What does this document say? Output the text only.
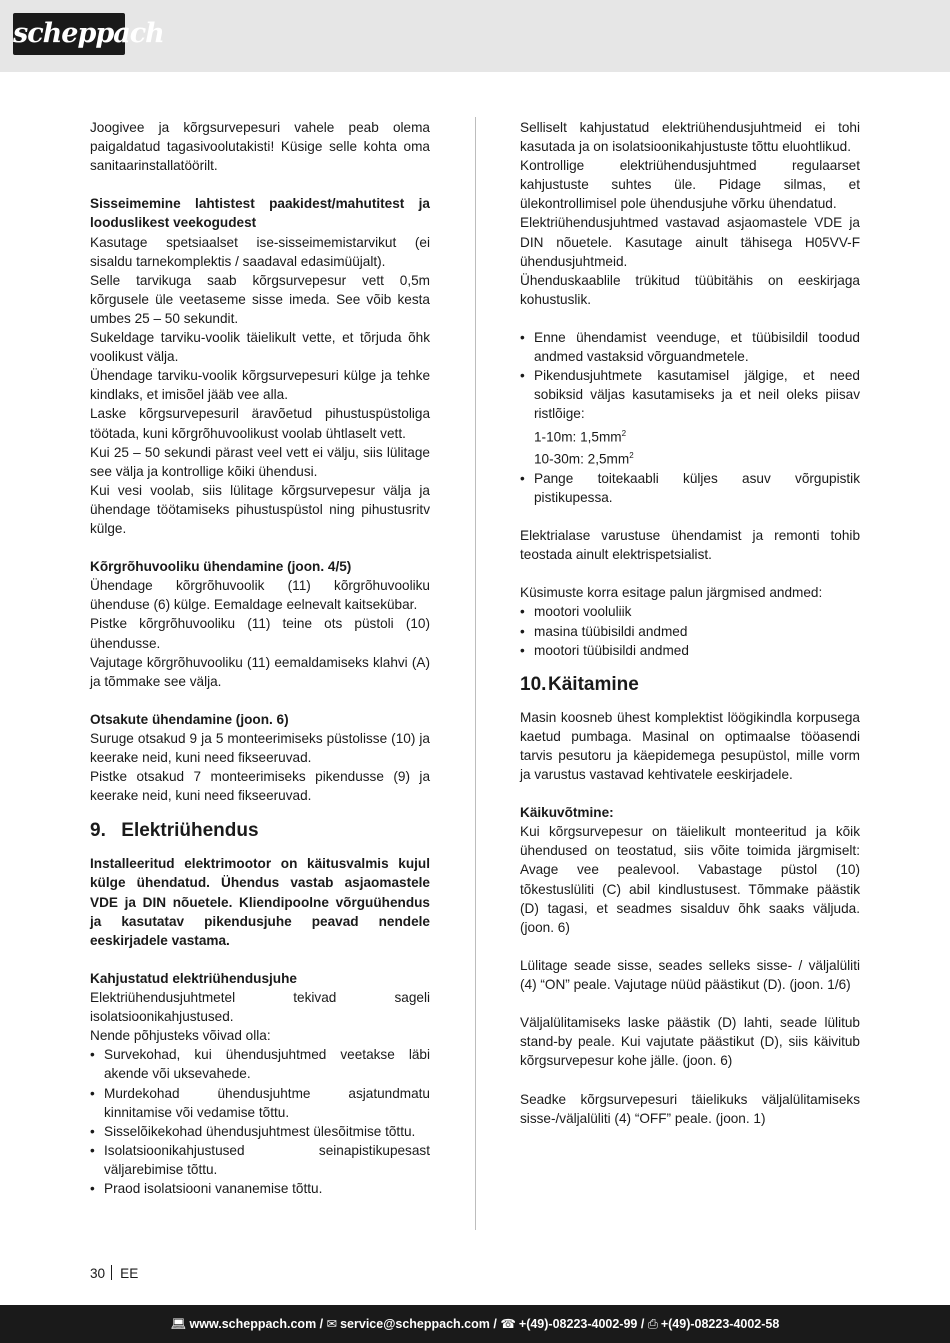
scheppach
Joogivee ja kõrgsurvepesuri vahele peab olema paigaldatud tagasivoolutakisti! Küsige selle kohta oma sanitaarinstallatöörilt.
Sisseimemine lahtistest paakidest/mahutitest ja looduslikest veekogudest
Kasutage spetsiaalset ise-sisseimemistarvikut (ei sisaldu tarnekomplektis / saadaval edasimüüjalt).
Selle tarvikuga saab kõrgsurvepesur vett 0,5m kõrgusele üle veetaseme sisse imeda. See võib kesta umbes 25 – 50 sekundit.
Sukeldage tarviku-voolik täielikult vette, et tõrjuda õhk voolikust välja.
Ühendage tarviku-voolik kõrgsurvepesuri külge ja tehke kindlaks, et imisõel jääb vee alla.
Laske kõrgsurvepesuril äravõetud pihustuspüstoliga töötada, kuni kõrgrõhuvoolikust voolab ühtlaselt vett.
Kui 25 – 50 sekundi pärast veel vett ei välju, siis lülitage see välja ja kontrollige kõiki ühendusi.
Kui vesi voolab, siis lülitage kõrgsurvepesur välja ja ühendage töötamiseks pihustuspüstol ning pihustusritv külge.
Kõrgrõhuvooliku ühendamine (joon. 4/5)
Ühendage kõrgrõhuvoolik (11) kõrgrõhuvooliku ühenduse (6) külge. Eemaldage eelnevalt kaitsekübar.
Pistke kõrgrõhuvooliku (11) teine ots püstoli (10) ühendusse.
Vajutage kõrgrõhuvooliku (11) eemaldamiseks klahvi (A) ja tõmmake see välja.
Otsakute ühendamine (joon. 6)
Suruge otsakud 9 ja 5 monteerimiseks püstolisse (10) ja keerake neid, kuni need fikseeruvad.
Pistke otsakud 7 monteerimiseks pikendusse (9) ja keerake neid, kuni need fikseeruvad.
9. Elektriühendus
Installeeritud elektrimootor on käitusvalmis kujul külge ühendatud. Ühendus vastab asjaomastele VDE ja DIN nõuetele. Kliendipoolne võrguühendus ja kasutatav pikendusjuhe peavad nendele eeskirjadele vastama.
Kahjustatud elektriühendusjuhe
Elektriühendusjuhtmetel tekivad sageli isolatsioonikahjustused.
Nende põhjusteks võivad olla:
• Survekohad, kui ühendusjuhtmed veetakse läbi akende või uksevahede.
• Murdekohad ühendusjuhtme asjatundmatu kinnitamise või vedamise tõttu.
• Sisselõikekohad ühendusjuhtmest ülesõitmise tõttu.
• Isolatsioonikahjustused seinapistikupesast väljarebimise tõttu.
• Praod isolatsiooni vananemise tõttu.
Selliselt kahjustatud elektriühendusjuhtmeid ei tohi kasutada ja on isolatsioonikahjustuste tõttu eluohtlikud.
Kontrollige elektriühendusjuhtmed regulaarset kahjustuste suhtes üle. Pidage silmas, et ülekontrollimisel pole ühendusjuhe võrku ühendatud.
Elektriühendusjuhtmed vastavad asjaomastele VDE ja DIN nõuetele. Kasutage ainult tähisega H05VV-F ühendusjuhtmeid.
Ühenduskaablile trükitud tüübitähis on eeskirjaga kohustuslik.
• Enne ühendamist veenduge, et tüübisildil toodud andmed vastaksid võrguandmetele.
• Pikendusjuhtmete kasutamisel jälgige, et need sobiksid väljas kasutamiseks ja et neil oleks piisav ristlõige:
1-10m: $1,5mm^2$
10-30m: $2,5mm^2$
• Pange toitekaabli küljes asuv võrgupistik pistikupessa.
Elektrialase varustuse ühendamist ja remonti tohib teostada ainult elektrispetsialist.
Küsimuste korra esitage palun järgmised andmed:
• mootori vooluliik
• masina tüübisildi andmed
• mootori tüübisildi andmed
10.Käitamine
Masin koosneb ühest komplektist löögikindla korpusega kaetud pumbaga. Masinal on optimaalse tööasendi tarvis pesutoru ja käepidemega pesupüstol, mille vorm ja varustus vastavad kehtivatele eeskirjadele.
Käikuvõtmine:
Kui kõrgsurvepesur on täielikult monteeritud ja kõik ühendused on teostatud, siis võite toimida järgmiselt: Avage vee pealevool. Vabastage püstol (10) tõkestuslüliti (C) abil kindlustusest. Tõmmake päästik (D) tagasi, et seadmes sisalduv õhk saaks väljuda. (joon. 6)
Lülitage seade sisse, seades selleks sisse- / väljalüliti (4) “ON” peale. Vajutage nüüd päästikut (D). (joon. 1/6)
Väljalülitamiseks laske päästik (D) lahti, seade lülitub stand-by peale. Kui vajutate päästikut (D), siis käivitub kõrgsurvepesur kohe jälle. (joon. 6)
Seadke kõrgsurvepesuri täielikuks väljalülitamiseks sisse-/väljalüliti (4) “OFF” peale. (joon. 1)
30 EE
💻︎ www.scheppach.com / ✉︎ service@scheppach.com / ☎︎ +(49)-08223-4002-99 / ⎙ +(49)-08223-4002-58
